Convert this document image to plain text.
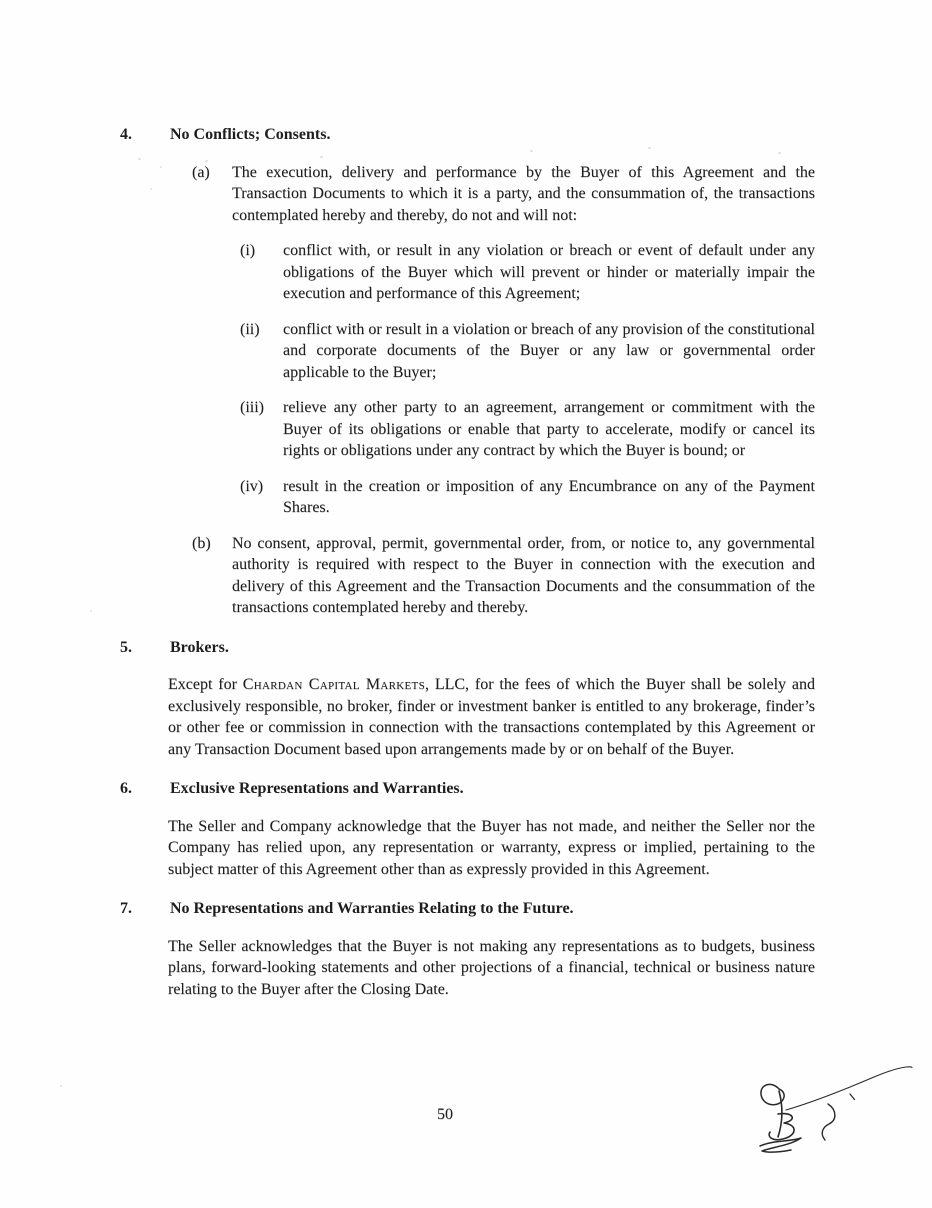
4.	No Conflicts; Consents.
(a)	The execution, delivery and performance by the Buyer of this Agreement and the Transaction Documents to which it is a party, and the consummation of, the transactions contemplated hereby and thereby, do not and will not:
(i)	conflict with, or result in any violation or breach or event of default under any obligations of the Buyer which will prevent or hinder or materially impair the execution and performance of this Agreement;
(ii)	conflict with or result in a violation or breach of any provision of the constitutional and corporate documents of the Buyer or any law or governmental order applicable to the Buyer;
(iii)	relieve any other party to an agreement, arrangement or commitment with the Buyer of its obligations or enable that party to accelerate, modify or cancel its rights or obligations under any contract by which the Buyer is bound; or
(iv)	result in the creation or imposition of any Encumbrance on any of the Payment Shares.
(b)	No consent, approval, permit, governmental order, from, or notice to, any governmental authority is required with respect to the Buyer in connection with the execution and delivery of this Agreement and the Transaction Documents and the consummation of the transactions contemplated hereby and thereby.
5.	Brokers.
Except for Chardan Capital Markets, LLC, for the fees of which the Buyer shall be solely and exclusively responsible, no broker, finder or investment banker is entitled to any brokerage, finder’s or other fee or commission in connection with the transactions contemplated by this Agreement or any Transaction Document based upon arrangements made by or on behalf of the Buyer.
6.	Exclusive Representations and Warranties.
The Seller and Company acknowledge that the Buyer has not made, and neither the Seller nor the Company has relied upon, any representation or warranty, express or implied, pertaining to the subject matter of this Agreement other than as expressly provided in this Agreement.
7.	No Representations and Warranties Relating to the Future.
The Seller acknowledges that the Buyer is not making any representations as to budgets, business plans, forward-looking statements and other projections of a financial, technical or business nature relating to the Buyer after the Closing Date.
50
